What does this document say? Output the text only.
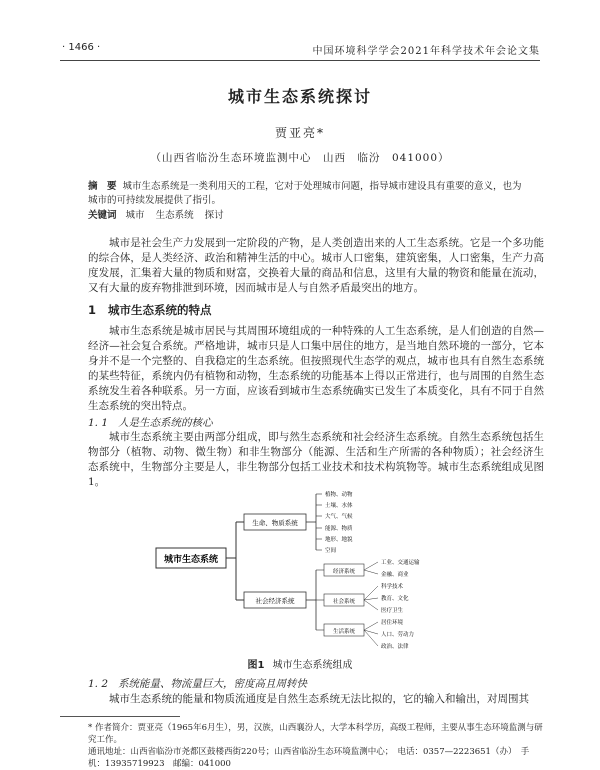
· 1466 ·	中国环境科学学会2021年科学技术年会论文集
城市生态系统探讨
贾亚亮*
（山西省临汾生态环境监测中心　山西　临汾　041000）
摘　要 城市生态系统是一类利用天的工程，它对于处理城市问题，指导城市建设具有重要的意义，也为城市的可持续发展提供了指引。
关键词 城市 生态系统 探讨
城市是社会生产力发展到一定阶段的产物，是人类创造出来的人工生态系统。它是一个多功能的综合体，是人类经济、政治和精神生活的中心。城市人口密集，建筑密集，人口密集，生产力高度发展，汇集着大量的物质和财富，交换着大量的商品和信息，这里有大量的物资和能量在流动，又有大量的废弃物排泄到环境，因而城市是人与自然矛盾最突出的地方。
1 城市生态系统的特点
城市生态系统是城市居民与其周围环境组成的一种特殊的人工生态系统，是人们创造的自然—经济—社会复合系统。严格地讲，城市只是人口集中居住的地方，是当地自然环境的一部分，它本身并不是一个完整的、自我稳定的生态系统。但按照现代生态学的观点，城市也具有自然生态系统的某些特征，系统内仍有植物和动物，生态系统的功能基本上得以正常进行，也与周围的自然生态系统发生着各种联系。另一方面，应该看到城市生态系统确实已发生了本质变化，具有不同于自然生态系统的突出特点。
1. 1 人是生态系统的核心
城市生态系统主要由两部分组成，即与然生态系统和社会经济生态系统。自然生态系统包括生物部分（植物、动物、微生物）和非生物部分（能源、生活和生产所需的各种物质）；社会经济生态系统中，生物部分主要是人，非生物部分包括工业技术和技术构筑物等。城市生态系统组成见图1。
城市生态系统
生命、物质系统
植物、动物
土壤、水体
大气、气候
能源、物质
地形、地貌
空间
社会经济系统
经济系统
社会系统
生活系统
工业、交通运输
金融、商业
科学技术
教育、文化
医疗卫生
居住环境
人口、劳动力
政治、法律
图1 城市生态系统组成
1. 2 系统能量、物流量巨大，密度高且周转快
城市生态系统的能量和物质流通度是自然生态系统无法比拟的，它的输入和输出，对周围其
* 作者简介：贾亚亮（1965年6月生），男，汉族，山西襄汾人，大学本科学历，高级工程师，主要从事生态环境监测与研究工作。
通讯地址：山西省临汾市尧都区鼓楼西街220号；山西省临汾生态环境监测中心；　电话：0357—2223651（办）　手机：13935719923　邮编：041000
